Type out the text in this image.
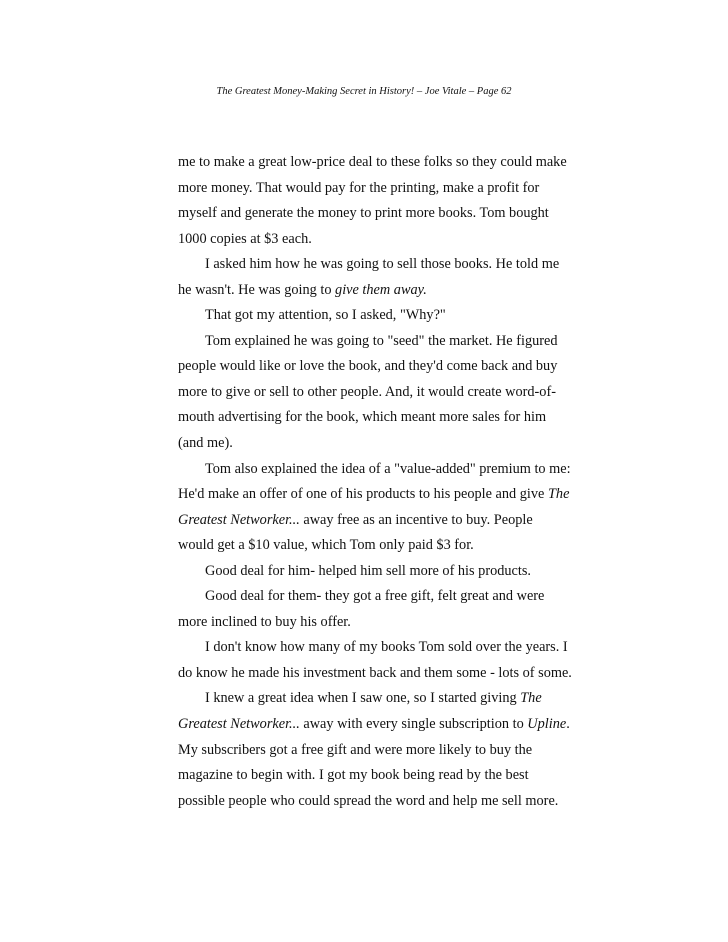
The Greatest Money-Making Secret in History! – Joe Vitale – Page 62
me to make a great low-price deal to these folks so they could make
more money. That would pay for the printing, make a profit for
myself and generate the money to print more books. Tom bought
1000 copies at $3 each.
I asked him how he was going to sell those books. He told me
he wasn't. He was going to give them away.
That got my attention, so I asked, "Why?"
Tom explained he was going to "seed" the market. He figured
people would like or love the book, and they'd come back and buy
more to give or sell to other people. And, it would create word-of-
mouth advertising for the book, which meant more sales for him
(and me).
Tom also explained the idea of a "value-added" premium to me:
He'd make an offer of one of his products to his people and give The
Greatest Networker... away free as an incentive to buy. People
would get a $10 value, which Tom only paid $3 for.
Good deal for him- helped him sell more of his products.
Good deal for them- they got a free gift, felt great and were
more inclined to buy his offer.
I don't know how many of my books Tom sold over the years. I
do know he made his investment back and them some - lots of some.
I knew a great idea when I saw one, so I started giving The
Greatest Networker... away with every single subscription to Upline.
My subscribers got a free gift and were more likely to buy the
magazine to begin with. I got my book being read by the best
possible people who could spread the word and help me sell more.
